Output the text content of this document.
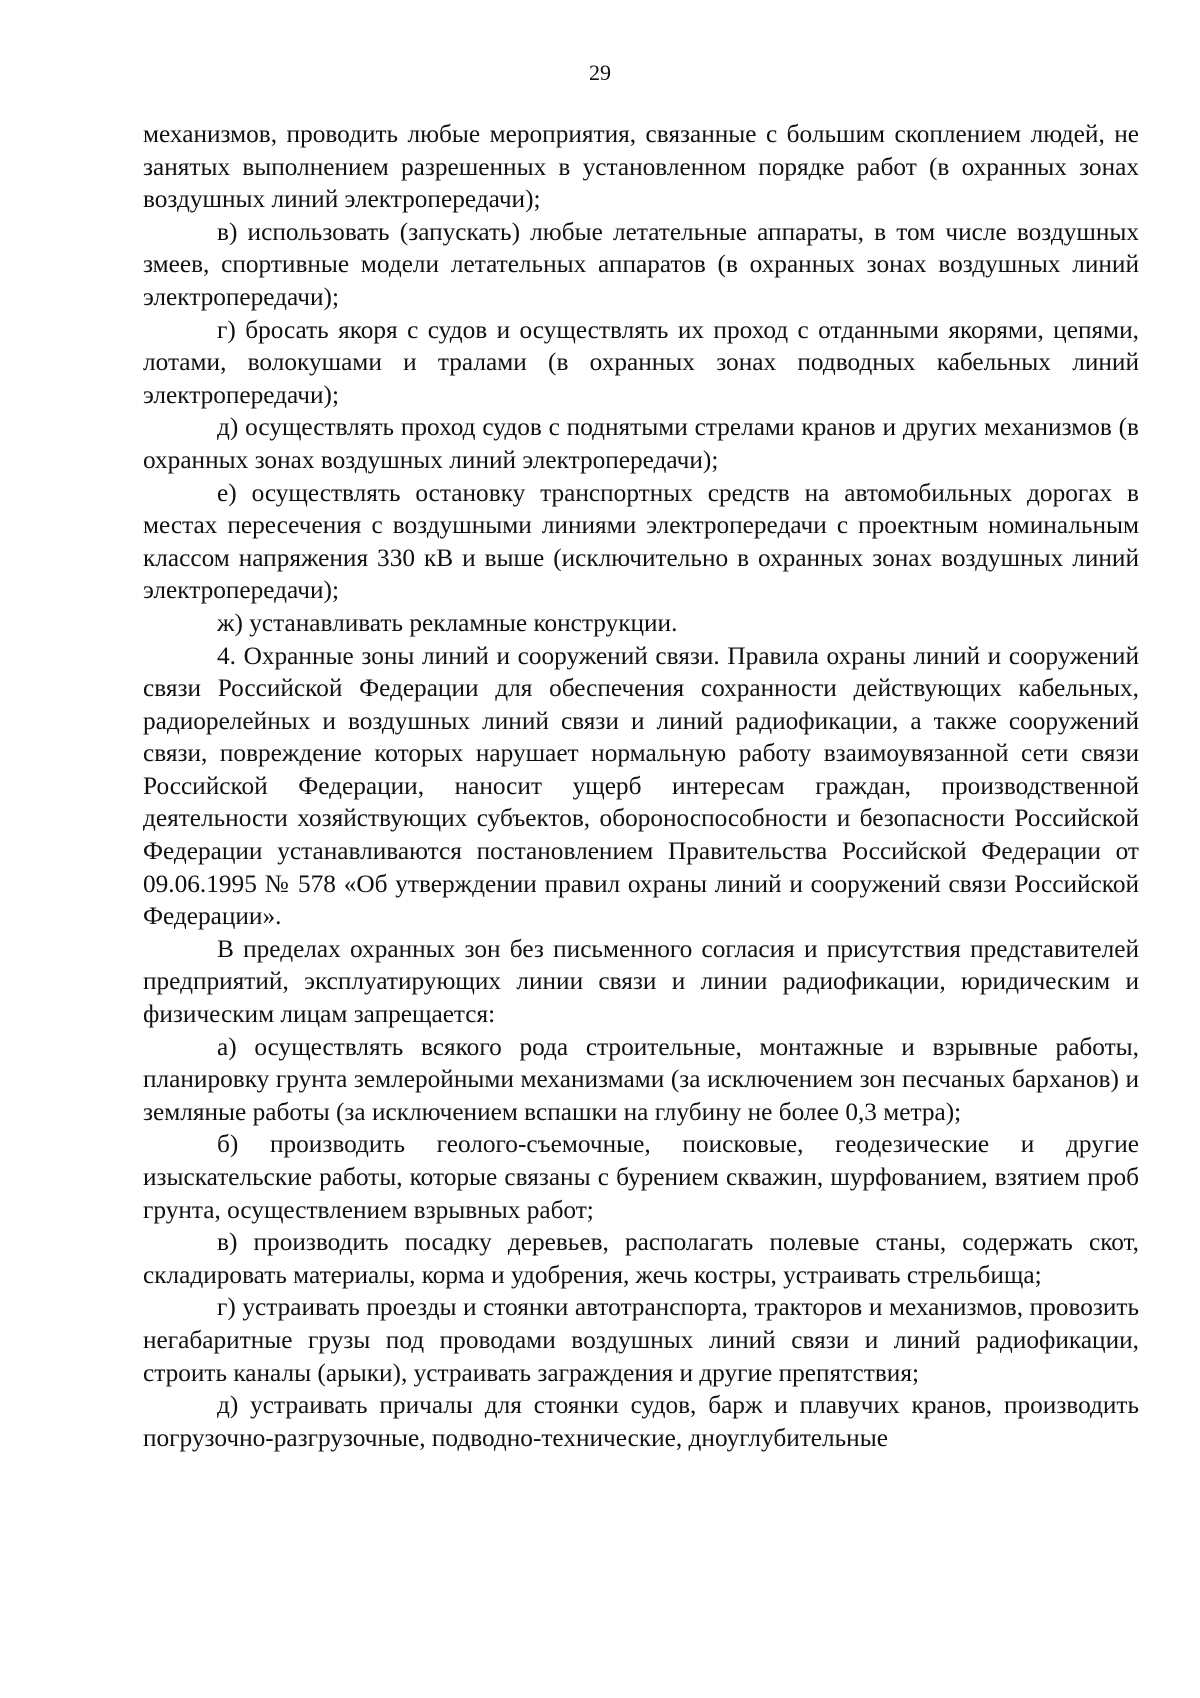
29

механизмов, проводить любые мероприятия, связанные с большим скоплением людей, не занятых выполнением разрешенных в установленном порядке работ (в охранных зонах воздушных линий электропередачи);

в) использовать (запускать) любые летательные аппараты, в том числе воздушных змеев, спортивные модели летательных аппаратов (в охранных зонах воздушных линий электропередачи);

г) бросать якоря с судов и осуществлять их проход с отданными якорями, цепями, лотами, волокушами и тралами (в охранных зонах подводных кабельных линий электропередачи);

д) осуществлять проход судов с поднятыми стрелами кранов и других механизмов (в охранных зонах воздушных линий электропередачи);

е) осуществлять остановку транспортных средств на автомобильных дорогах в местах пересечения с воздушными линиями электропередачи с проектным номинальным классом напряжения 330 кВ и выше (исключительно в охранных зонах воздушных линий электропередачи);

ж) устанавливать рекламные конструкции.

4. Охранные зоны линий и сооружений связи. Правила охраны линий и сооружений связи Российской Федерации для обеспечения сохранности действующих кабельных, радиорелейных и воздушных линий связи и линий радиофикации, а также сооружений связи, повреждение которых нарушает нормальную работу взаимоувязанной сети связи Российской Федерации, наносит ущерб интересам граждан, производственной деятельности хозяйствующих субъектов, обороноспособности и безопасности Российской Федерации устанавливаются постановлением Правительства Российской Федерации от 09.06.1995 № 578 «Об утверждении правил охраны линий и сооружений связи Российской Федерации».

В пределах охранных зон без письменного согласия и присутствия представителей предприятий, эксплуатирующих линии связи и линии радиофикации, юридическим и физическим лицам запрещается:

а) осуществлять всякого рода строительные, монтажные и взрывные работы, планировку грунта землеройными механизмами (за исключением зон песчаных барханов) и земляные работы (за исключением вспашки на глубину не более 0,3 метра);

б) производить геолого-съемочные, поисковые, геодезические и другие изыскательские работы, которые связаны с бурением скважин, шурфованием, взятием проб грунта, осуществлением взрывных работ;

в) производить посадку деревьев, располагать полевые станы, содержать скот, складировать материалы, корма и удобрения, жечь костры, устраивать стрельбища;

г) устраивать проезды и стоянки автотранспорта, тракторов и механизмов, провозить негабаритные грузы под проводами воздушных линий связи и линий радиофикации, строить каналы (арыки), устраивать заграждения и другие препятствия;

д) устраивать причалы для стоянки судов, барж и плавучих кранов, производить погрузочно-разгрузочные, подводно-технические, дноуглубительные
